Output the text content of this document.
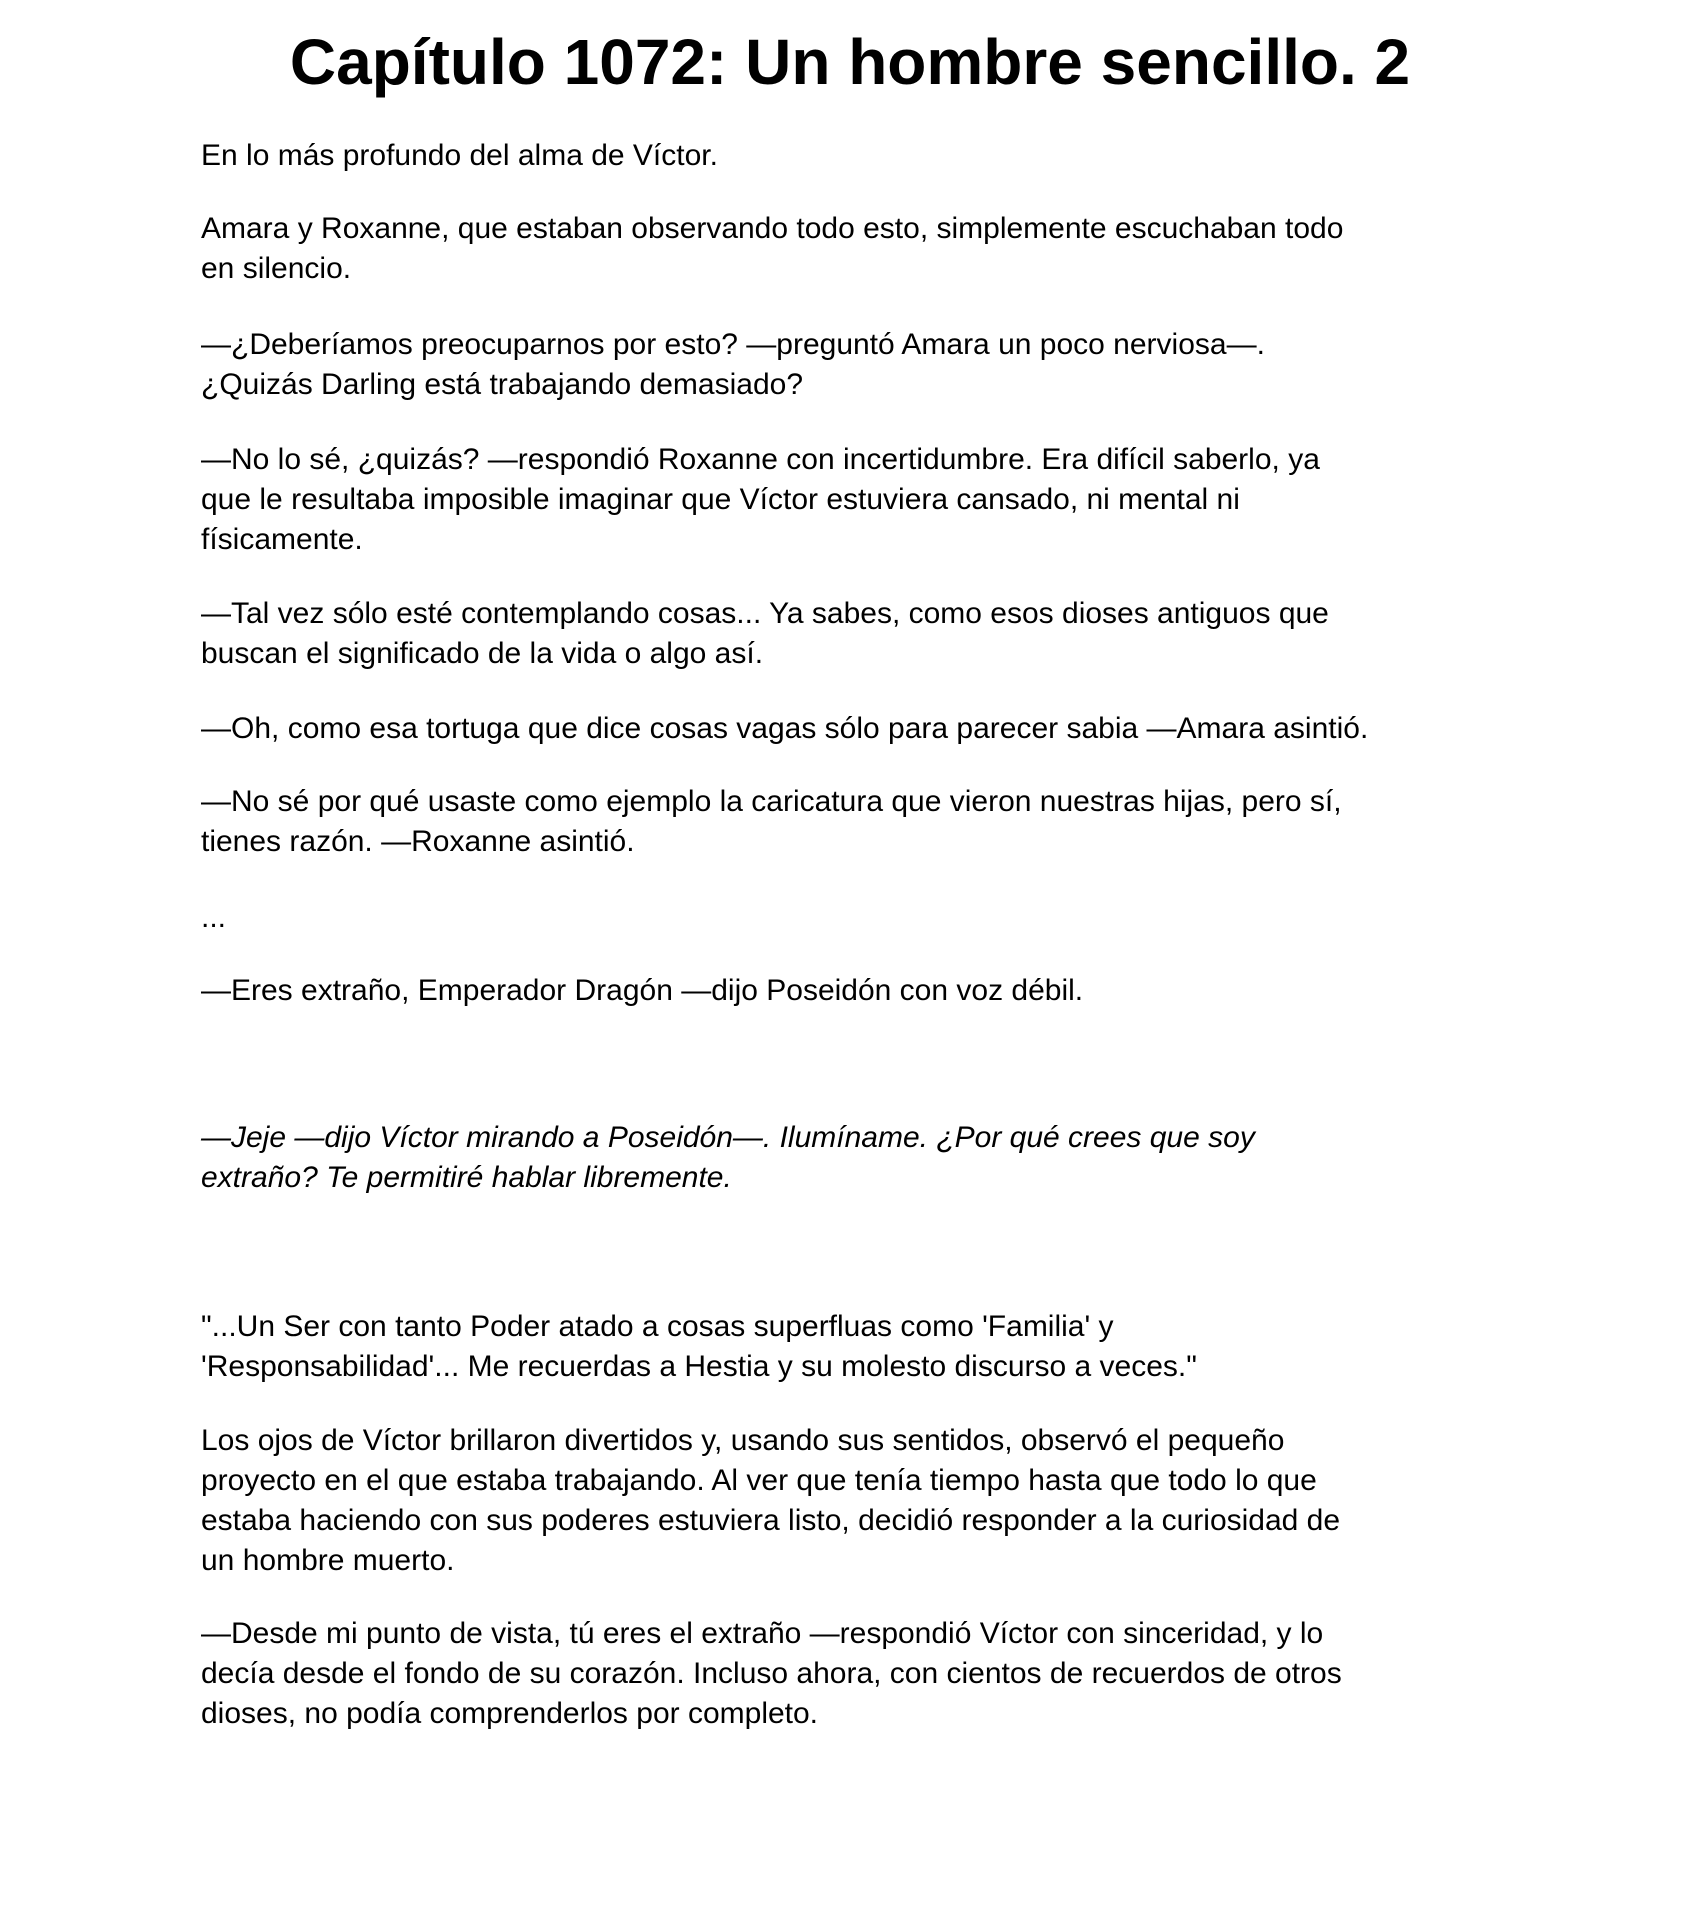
Capítulo 1072: Un hombre sencillo. 2

En lo más profundo del alma de Víctor.

Amara y Roxanne, que estaban observando todo esto, simplemente escuchaban todo
en silencio.

—¿Deberíamos preocuparnos por esto? —preguntó Amara un poco nerviosa—.
¿Quizás Darling está trabajando demasiado?

—No lo sé, ¿quizás? —respondió Roxanne con incertidumbre. Era difícil saberlo, ya
que le resultaba imposible imaginar que Víctor estuviera cansado, ni mental ni
físicamente.

—Tal vez sólo esté contemplando cosas... Ya sabes, como esos dioses antiguos que
buscan el significado de la vida o algo así.

—Oh, como esa tortuga que dice cosas vagas sólo para parecer sabia —Amara asintió.

—No sé por qué usaste como ejemplo la caricatura que vieron nuestras hijas, pero sí,
tienes razón. —Roxanne asintió.

...

—Eres extraño, Emperador Dragón —dijo Poseidón con voz débil.

—Jeje —dijo Víctor mirando a Poseidón—. Ilumíname. ¿Por qué crees que soy
extraño? Te permitiré hablar libremente.

"...Un Ser con tanto Poder atado a cosas superfluas como 'Familia' y
'Responsabilidad'... Me recuerdas a Hestia y su molesto discurso a veces."

Los ojos de Víctor brillaron divertidos y, usando sus sentidos, observó el pequeño
proyecto en el que estaba trabajando. Al ver que tenía tiempo hasta que todo lo que
estaba haciendo con sus poderes estuviera listo, decidió responder a la curiosidad de
un hombre muerto.

—Desde mi punto de vista, tú eres el extraño —respondió Víctor con sinceridad, y lo
decía desde el fondo de su corazón. Incluso ahora, con cientos de recuerdos de otros
dioses, no podía comprenderlos por completo.
